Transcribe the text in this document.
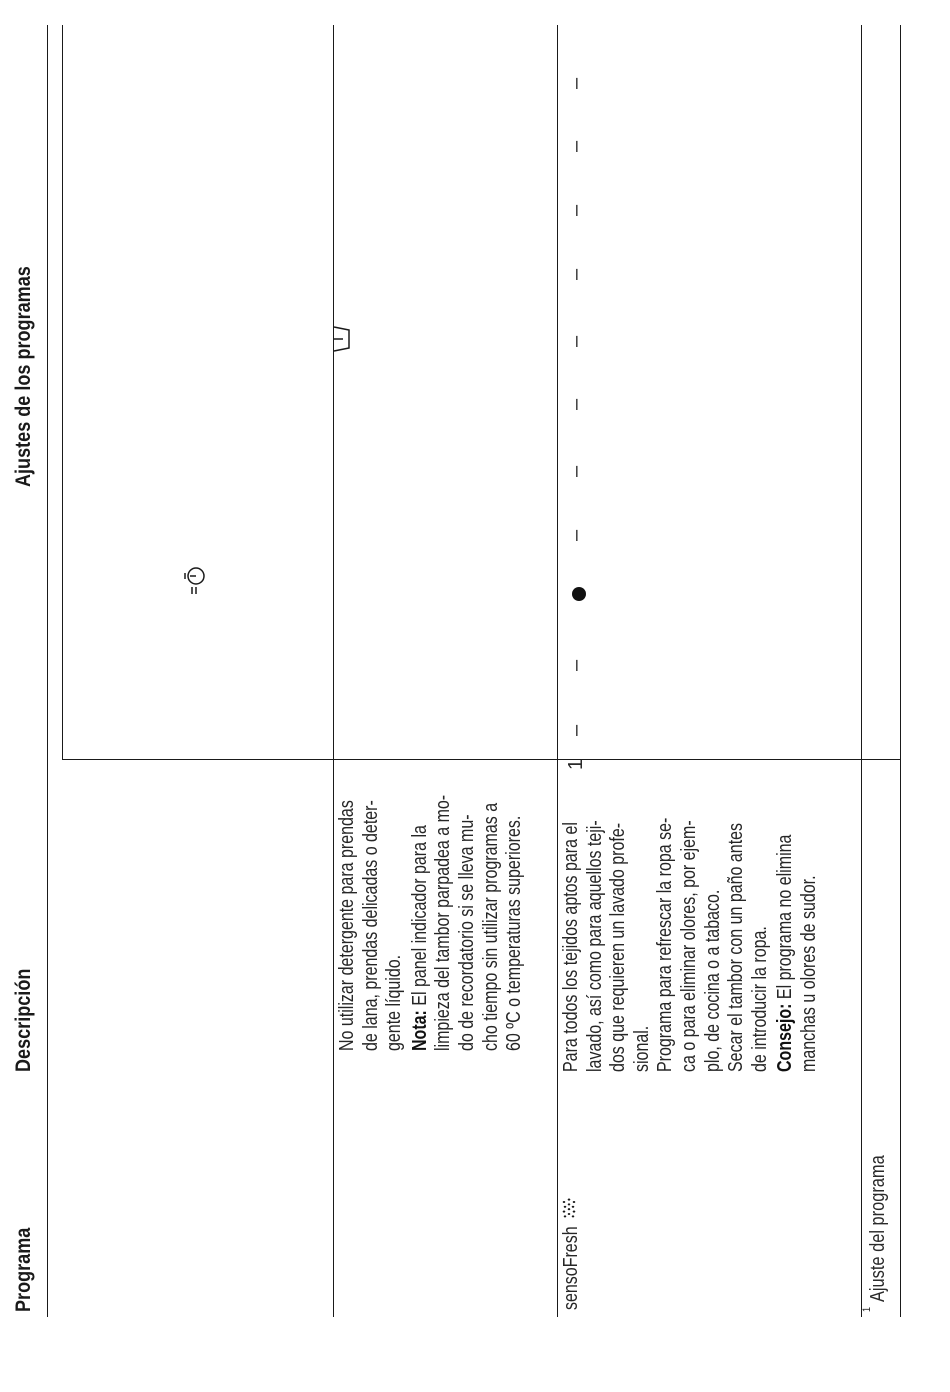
Programa
Descripción
Ajustes de los programas

No utilizar detergente para prendas de lana, prendas delicadas o deter- gente líquido. Nota: El panel indicador para la limpieza del tambor parpadea a mo- do de recordatorio si se lleva mu- cho tiempo sin utilizar programas a 60 ºC o temperaturas superiores.

sensoFresh

Para todos los tejidos aptos para el lavado, así como para aquellos teji- dos que requieren un lavado profe- sional. Programa para refrescar la ropa se- ca o para eliminar olores, por ejem- plo, de cocina o a tabaco. Secar el tambor con un paño antes de introducir la ropa. Consejo: El programa no elimina manchas u olores de sudor.

1
–
–
–
–
–
–
–
–
–
–
$^1$Ajuste del programa
